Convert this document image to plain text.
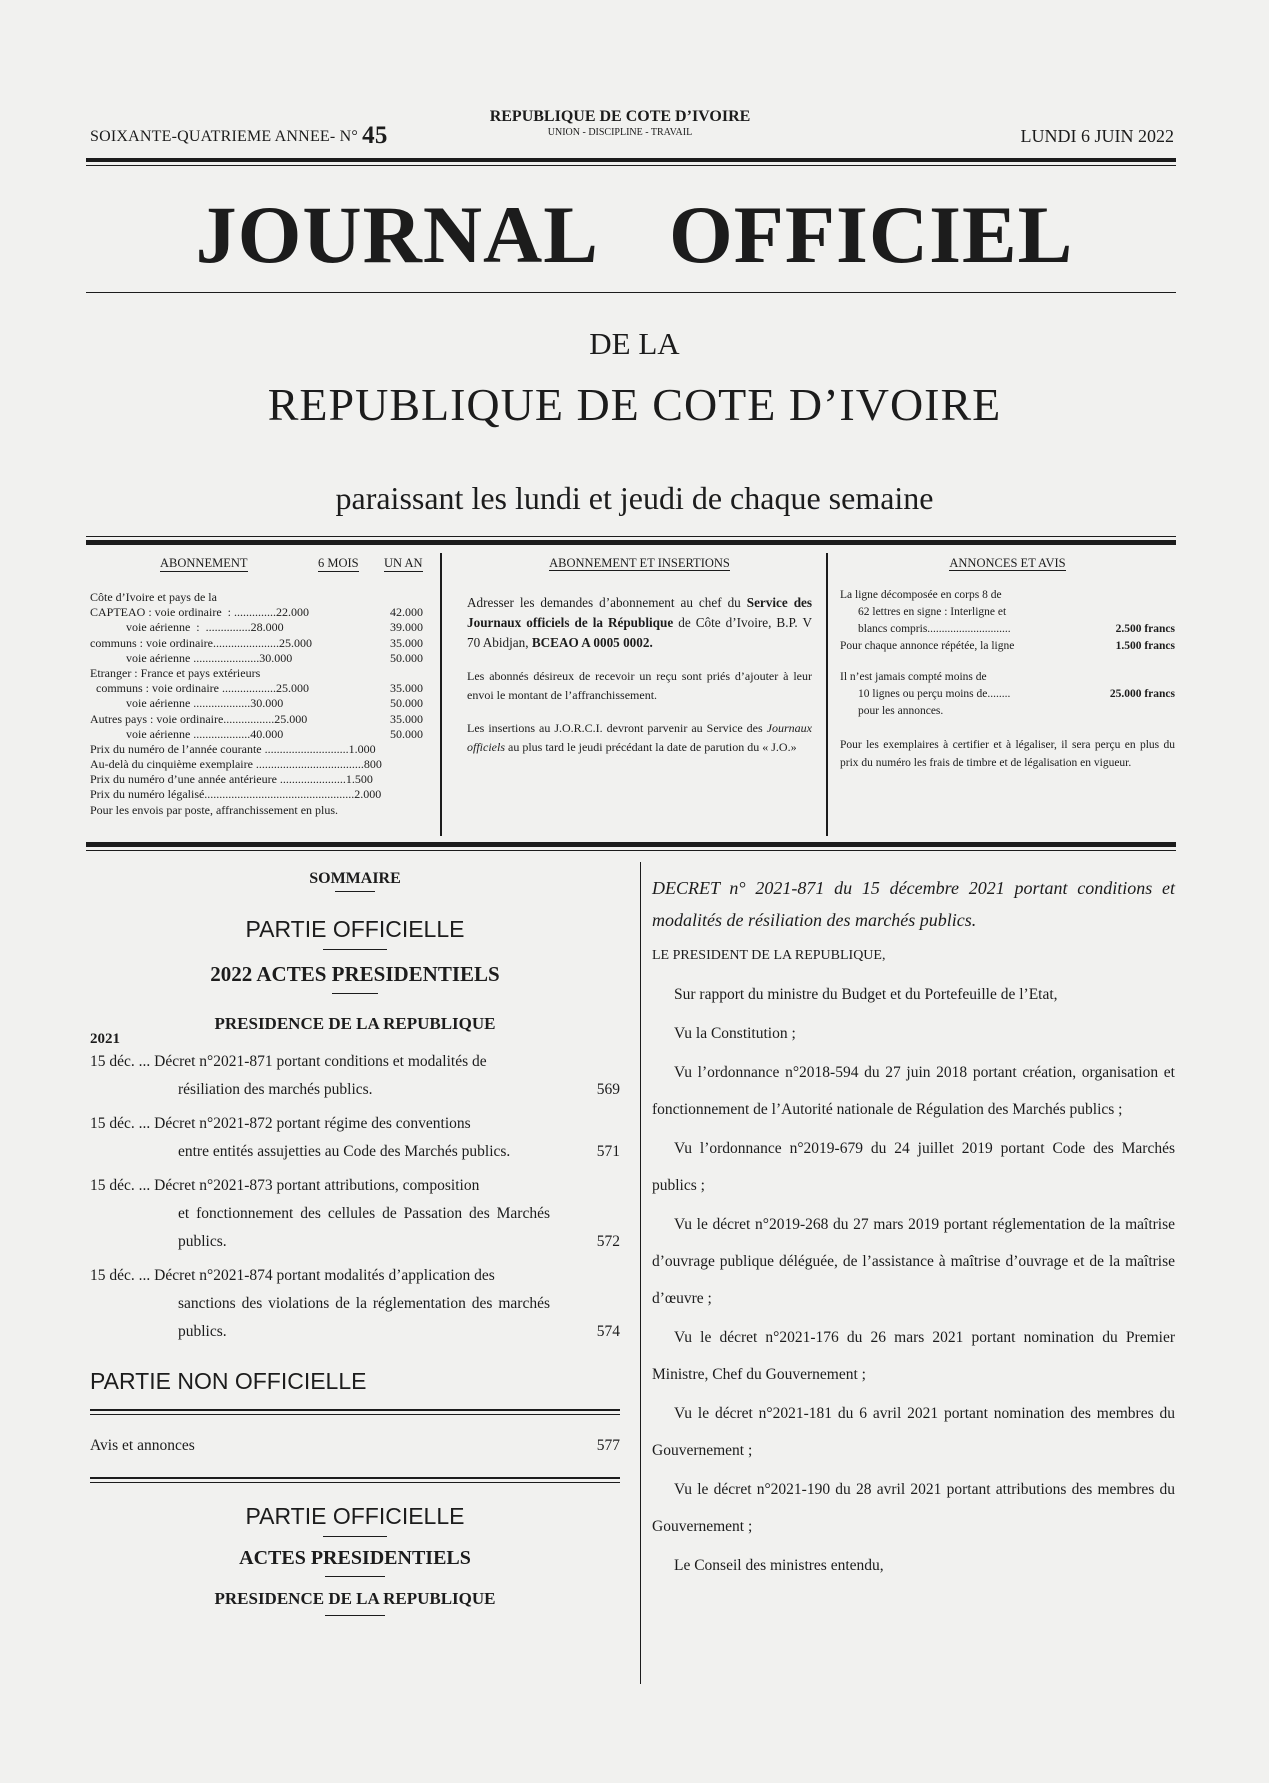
SOIXANTE-QUATRIEME ANNEE- N° 45
REPUBLIQUE DE COTE D’IVOIRE
UNION - DISCIPLINE - TRAVAIL	LUNDI 6 JUIN 2022
JOURNAL OFFICIEL
DE LA
REPUBLIQUE DE COTE D’IVOIRE
paraissant les lundi et jeudi de chaque semaine
ABONNEMENT	6 MOIS UN AN
Côte d’Ivoire et pays de la
CAPTEAO : voie ordinaire  : ..............22.000	42.000
voie aérienne  :  ...............28.000	39.000
communs : voie ordinaire......................25.000	35.000
voie aérienne ......................30.000	50.000
Etranger : France et pays extérieurs
communs : voie ordinaire ..................25.000	35.000
voie aérienne ...................30.000	50.000
Autres pays : voie ordinaire.................25.000	35.000
voie aérienne ...................40.000	50.000
Prix du numéro de l’année courante ............................1.000
Au-delà du cinquième exemplaire ....................................800
Prix du numéro d’une année antérieure ......................1.500
Prix du numéro légalisé..................................................2.000
Pour les envois par poste, affranchissement en plus.
ABONNEMENT ET INSERTIONS

Adresser les demandes d’abonnement au chef du Service des Journaux officiels de la République de Côte d’Ivoire, B.P. V 70 Abidjan, BCEAO A 0005 0002.

Les abonnés désireux de recevoir un reçu sont priés d’ajouter à leur envoi le montant de l’affranchissement.

Les insertions au J.O.R.C.I. devront parvenir au Service des Journaux officiels au plus tard le jeudi précédant la date de parution du « J.O.»

ANNONCES ET AVIS
La ligne décomposée en corps 8 de
62 lettres en signe : Interligne et
blancs compris.............................	2.500 francs
Pour chaque annonce répétée, la ligne	1.500 francs
Il n’est jamais compté moins de
10 lignes ou perçu moins de........	25.000 francs
pour les annonces.
Pour les exemplaires à certifier et à légaliser, il sera perçu en plus du prix du numéro les frais de timbre et de légalisation en vigueur.
SOMMAIRE
PARTIE OFFICIELLE
2022 ACTES PRESIDENTIELS
PRESIDENCE DE LA REPUBLIQUE
2021
15 déc. ... Décret n°2021-871 portant conditions et modalités de
résiliation des marchés publics.	569
15 déc. ... Décret n°2021-872 portant régime des conventions
entre entités assujetties au Code des Marchés publics.	571
15 déc. ... Décret n°2021-873 portant attributions, composition
et fonctionnement des cellules de Passation des Marchés publics.	572
15 déc. ... Décret n°2021-874 portant modalités d’application des
sanctions des violations de la réglementation des marchés publics.	574
PARTIE NON OFFICIELLE
Avis et annonces	577
PARTIE OFFICIELLE
ACTES PRESIDENTIELS
PRESIDENCE DE LA REPUBLIQUE
DECRET n° 2021-871 du 15 décembre 2021 portant conditions et modalités de résiliation des marchés publics.
LE PRESIDENT DE LA REPUBLIQUE,

Sur rapport du ministre du Budget et du Portefeuille de l’Etat,

Vu la Constitution ;

Vu l’ordonnance n°2018-594 du 27 juin 2018 portant création, organisation et fonctionnement de l’Autorité nationale de Régulation des Marchés publics ;

Vu l’ordonnance n°2019-679 du 24 juillet 2019 portant Code des Marchés publics ;

Vu le décret n°2019-268 du 27 mars 2019 portant réglementation de la maîtrise d’ouvrage publique déléguée, de l’assistance à maîtrise d’ouvrage et de la maîtrise d’œuvre ;

Vu le décret n°2021-176 du 26 mars 2021 portant nomination du Premier Ministre, Chef du Gouvernement ;

Vu le décret n°2021-181 du 6 avril 2021 portant nomination des membres du Gouvernement ;

Vu le décret n°2021-190 du 28 avril 2021 portant attributions des membres du Gouvernement ;

Le Conseil des ministres entendu,
